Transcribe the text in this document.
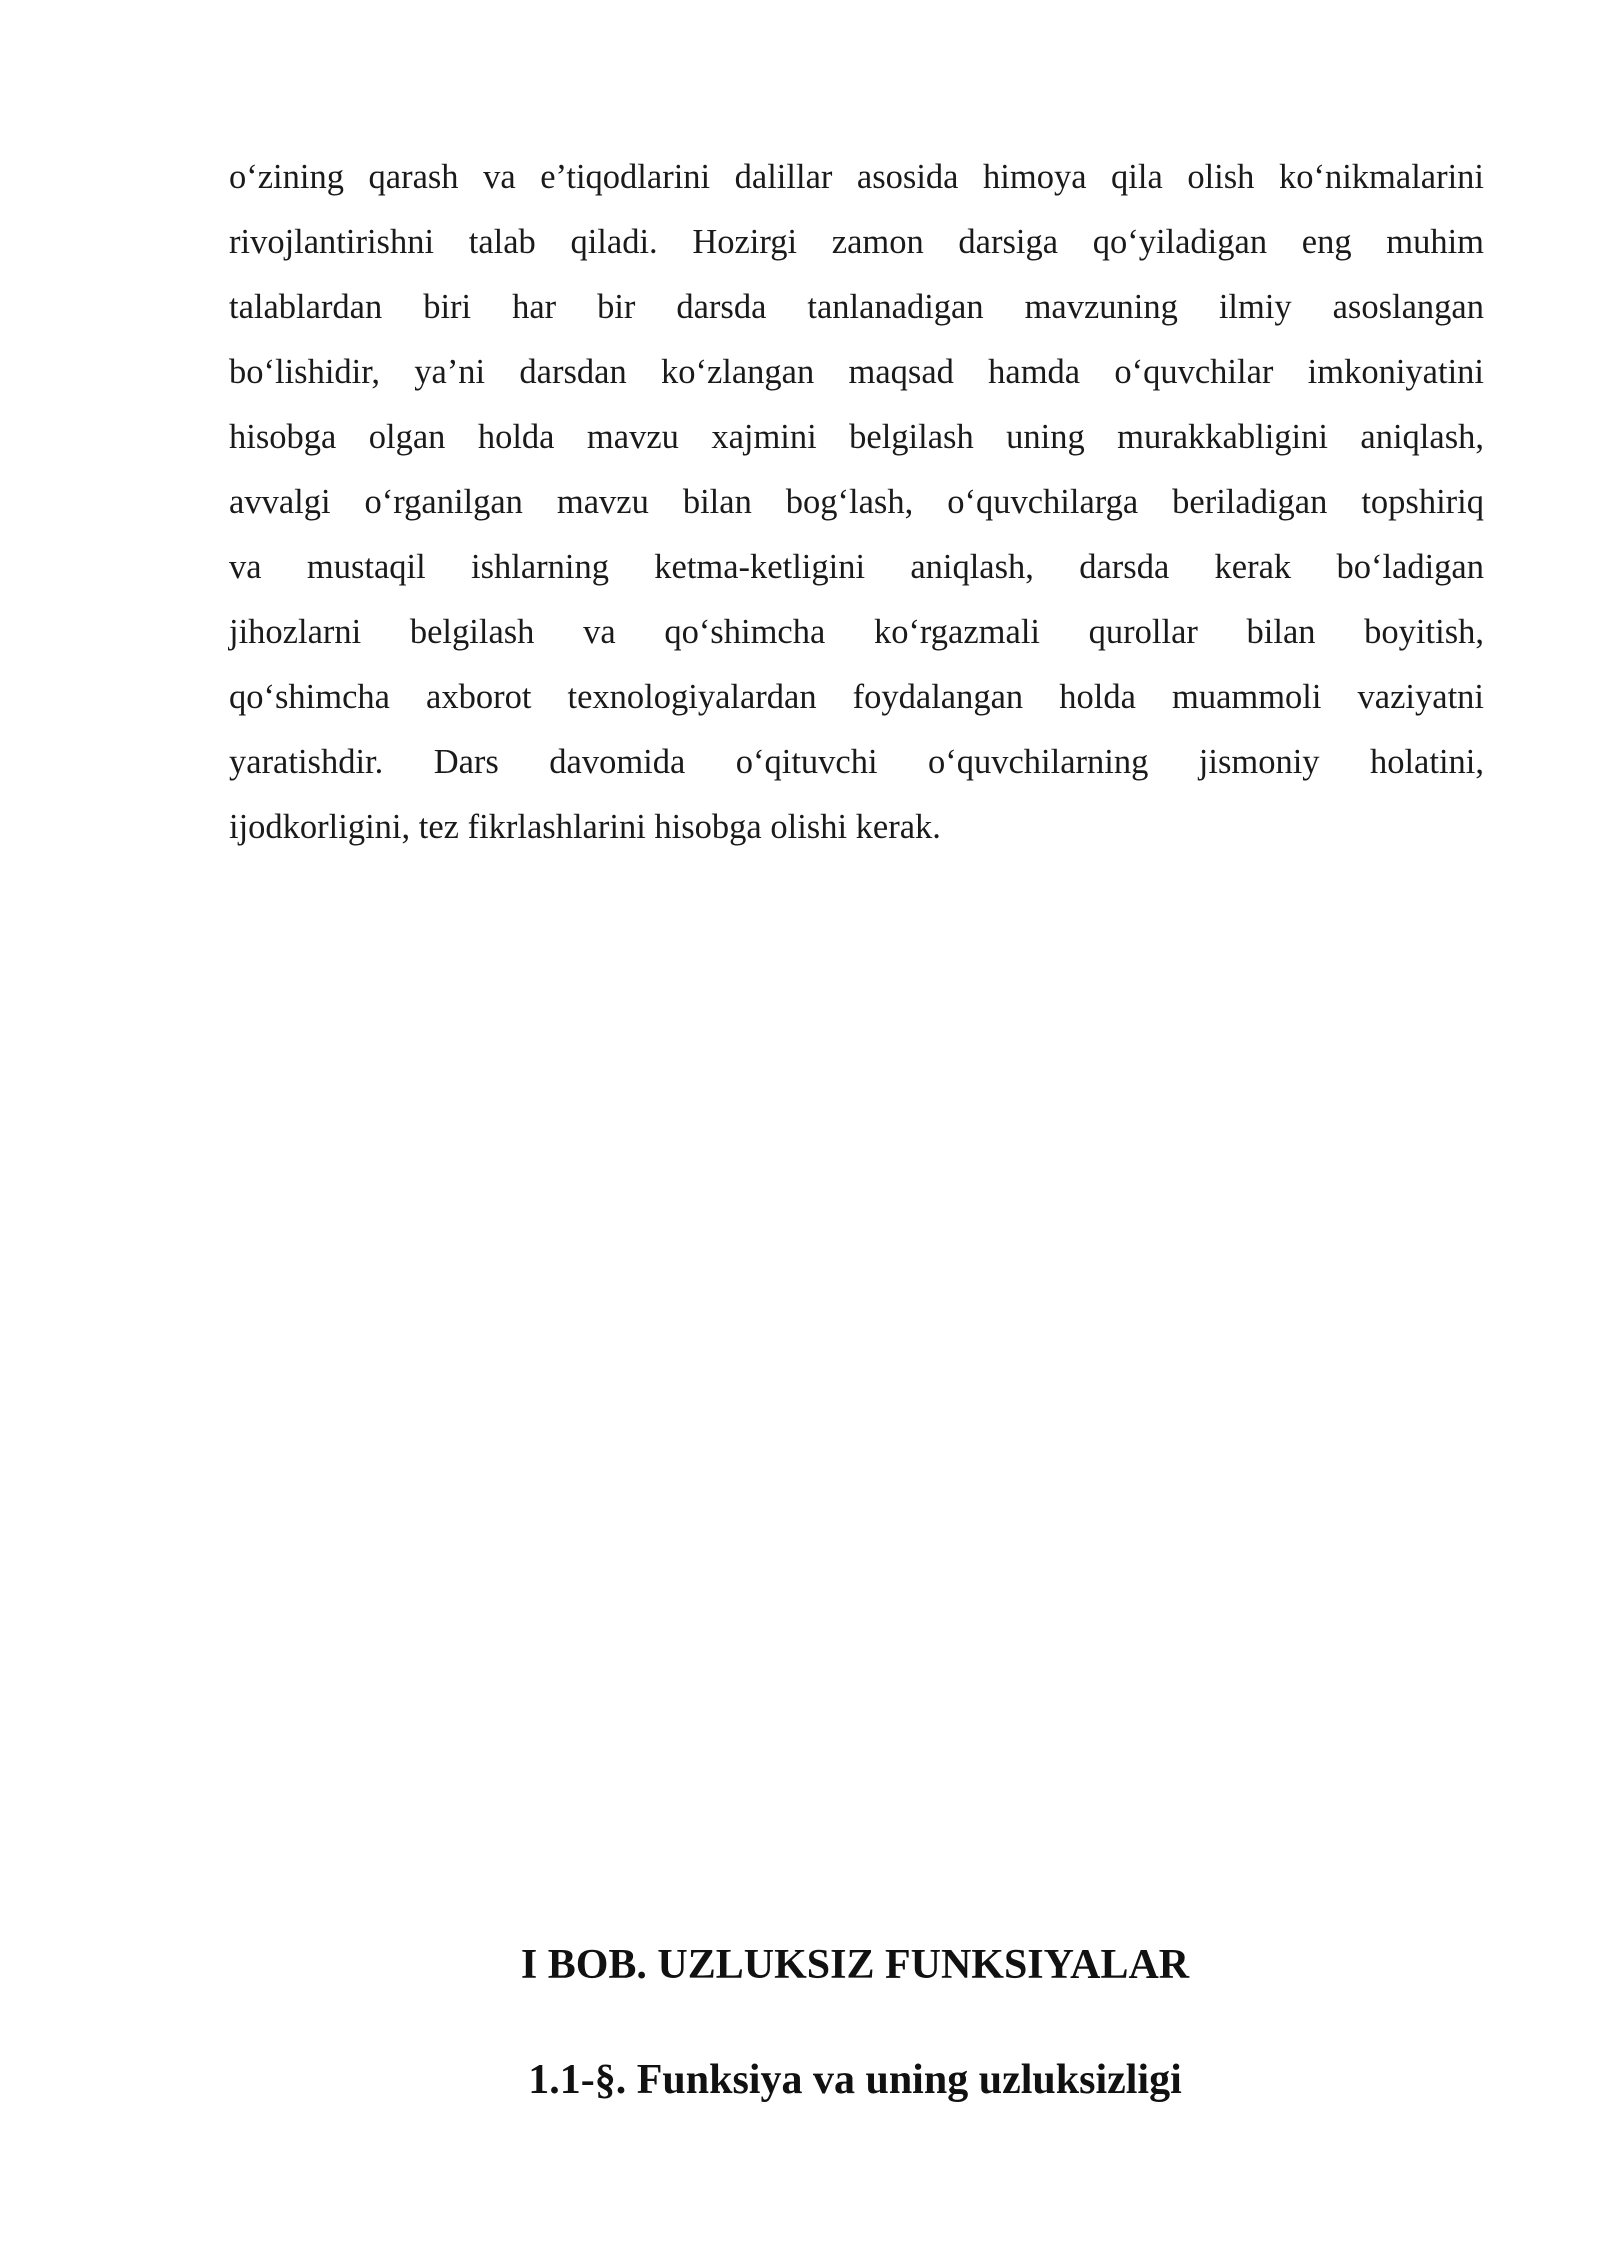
o‘zining qarash va e’tiqodlarini dalillar asosida himoya qila olish ko‘nikmalarini
rivojlantirishni talab qiladi. Hozirgi zamon darsiga qo‘yiladigan eng muhim
talablardan biri har bir darsda tanlanadigan mavzuning ilmiy asoslangan
bo‘lishidir, ya’ni darsdan ko‘zlangan maqsad hamda o‘quvchilar imkoniyatini
hisobga olgan holda mavzu xajmini belgilash uning murakkabligini aniqlash,
avvalgi o‘rganilgan mavzu bilan bog‘lash, o‘quvchilarga beriladigan topshiriq
va mustaqil ishlarning ketma-ketligini aniqlash, darsda kerak bo‘ladigan
jihozlarni belgilash va qo‘shimcha ko‘rgazmali qurollar bilan boyitish,
qo‘shimcha axborot texnologiyalardan foydalangan holda muammoli vaziyatni
yaratishdir. Dars davomida o‘qituvchi o‘quvchilarning jismoniy holatini,
ijodkorligini, tez fikrlashlarini hisobga olishi kerak.
I BOB. UZLUKSIZ FUNKSIYALAR
1.1-§. Funksiya va uning uzluksizligi
